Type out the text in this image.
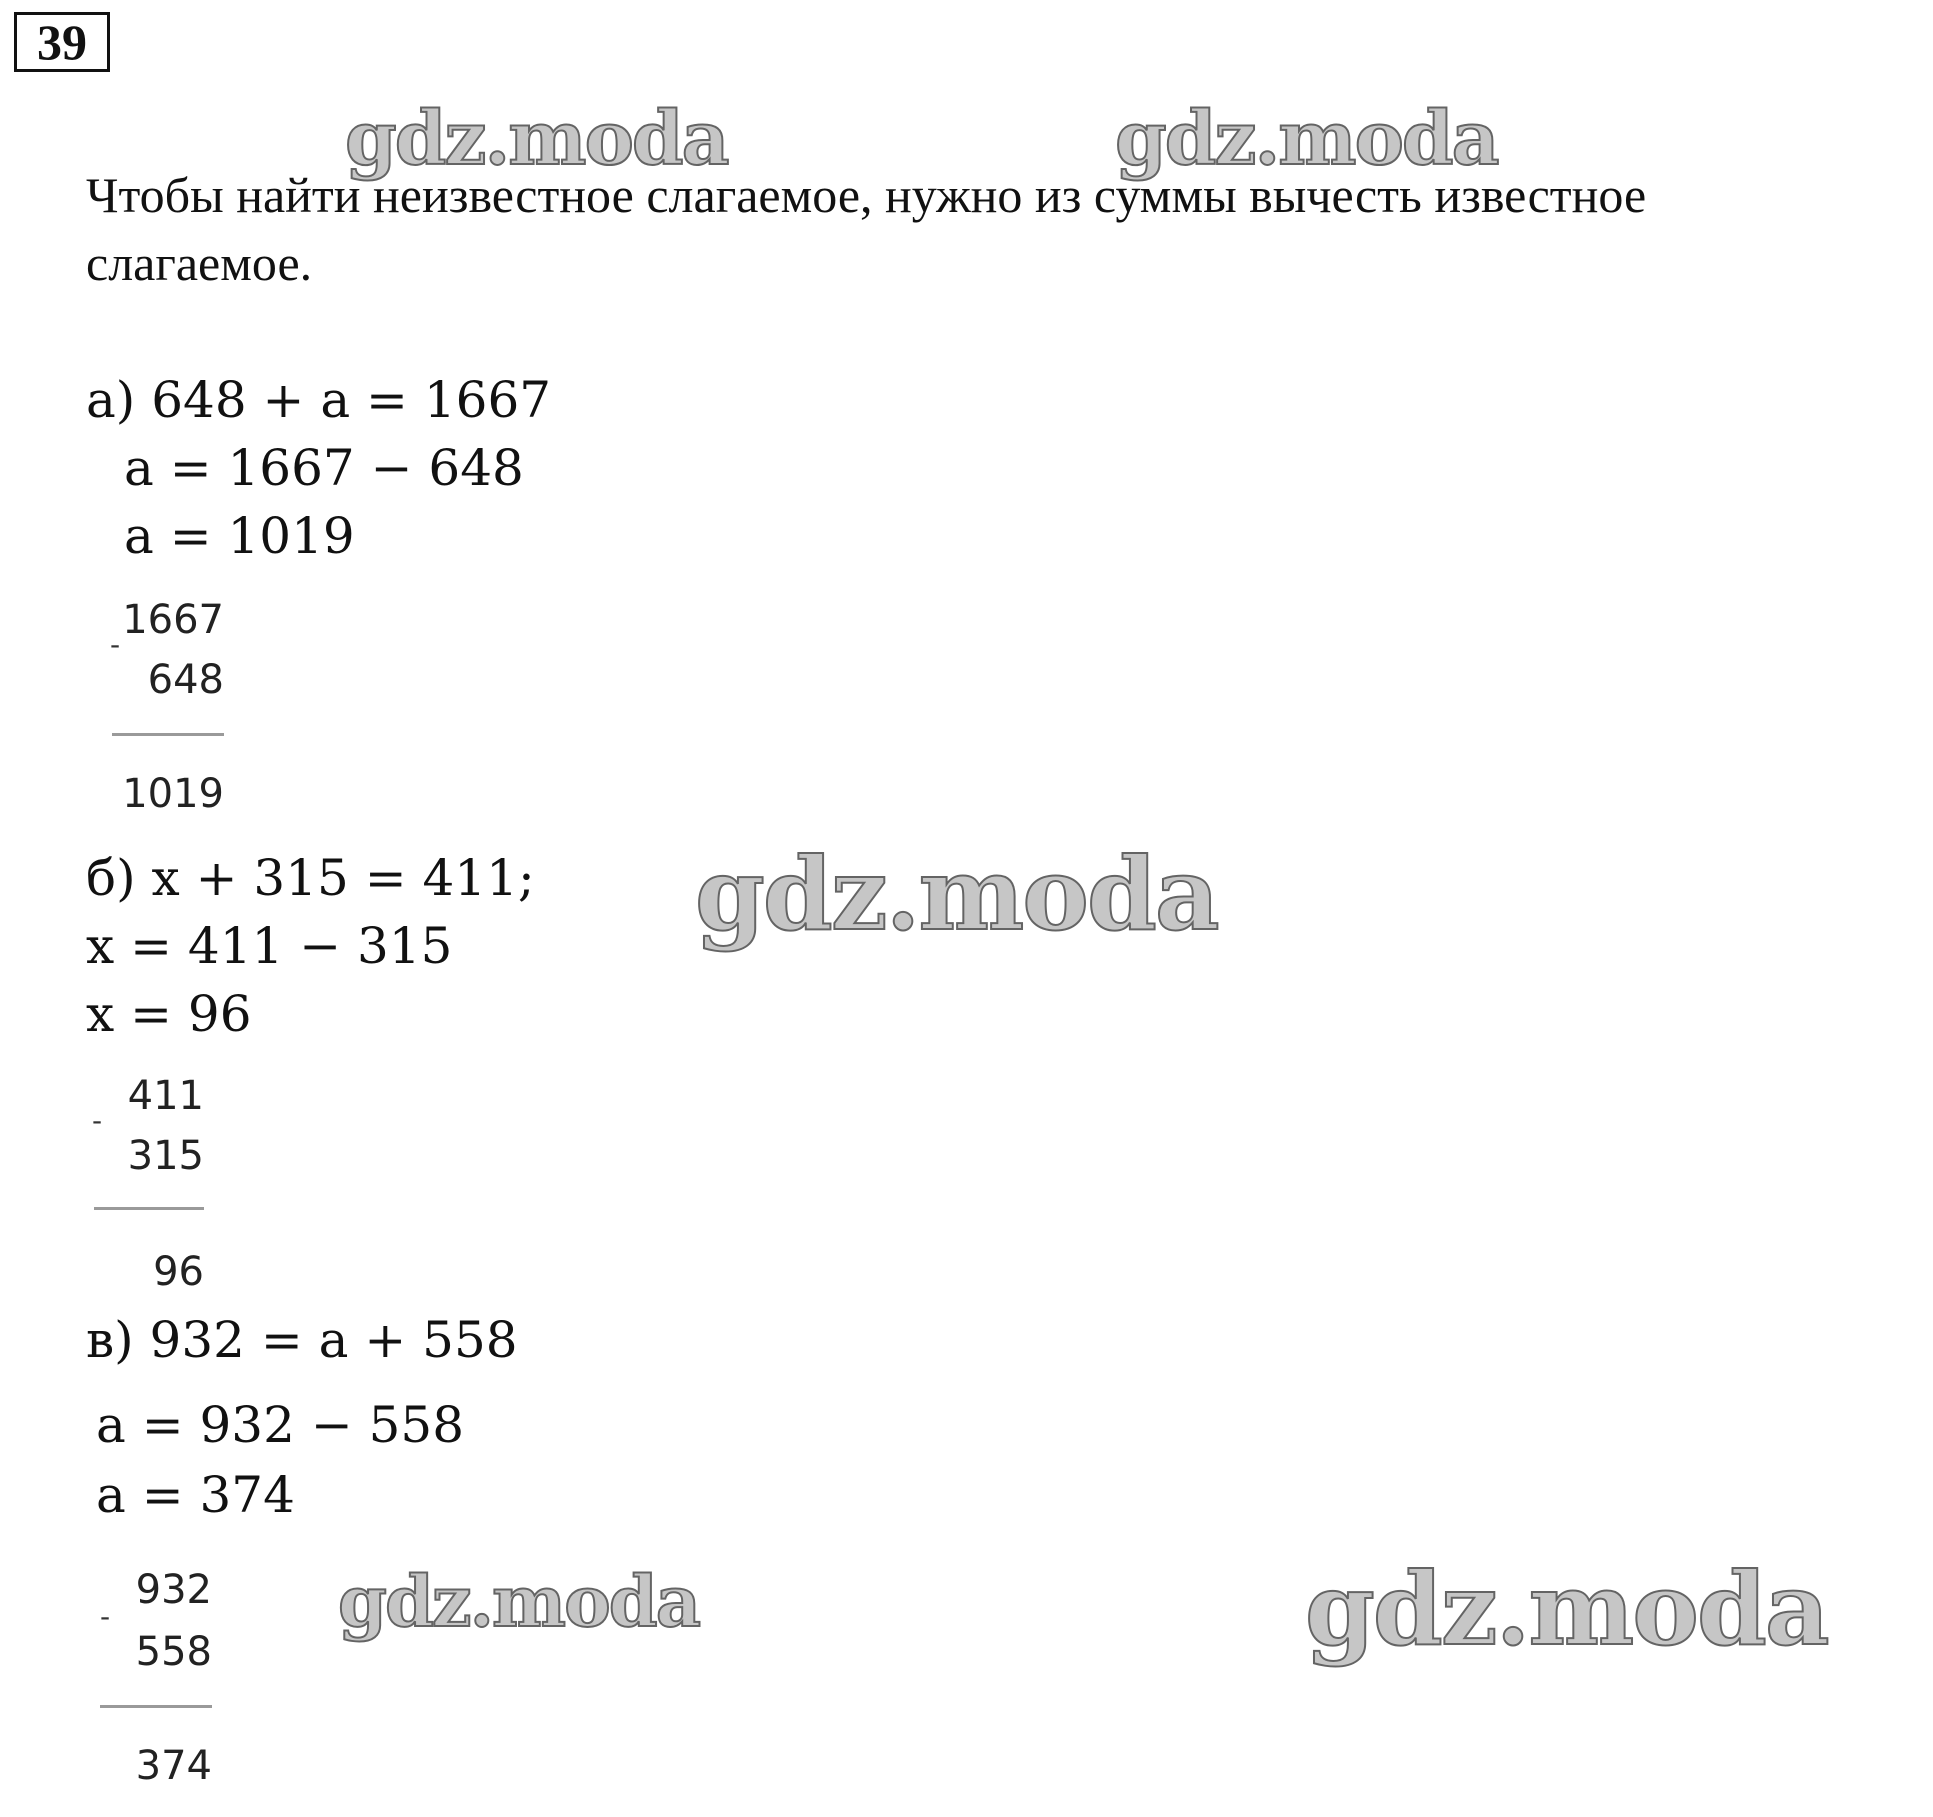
39
gdz.moda	gdz.moda
gdz.moda
gdz.moda	gdz.moda
Чтобы найти неизвестное слагаемое, нужно из суммы вычесть известное
слагаемое.
а) 648 + a = 1667
a = 1667 − 648
a = 1019
1667
-
648
1019
б) x + 315 = 411;
x = 411 − 315
x = 96
411
-
315
96
в) 932 = a + 558
a = 932 − 558
a = 374
932
-
558
374
